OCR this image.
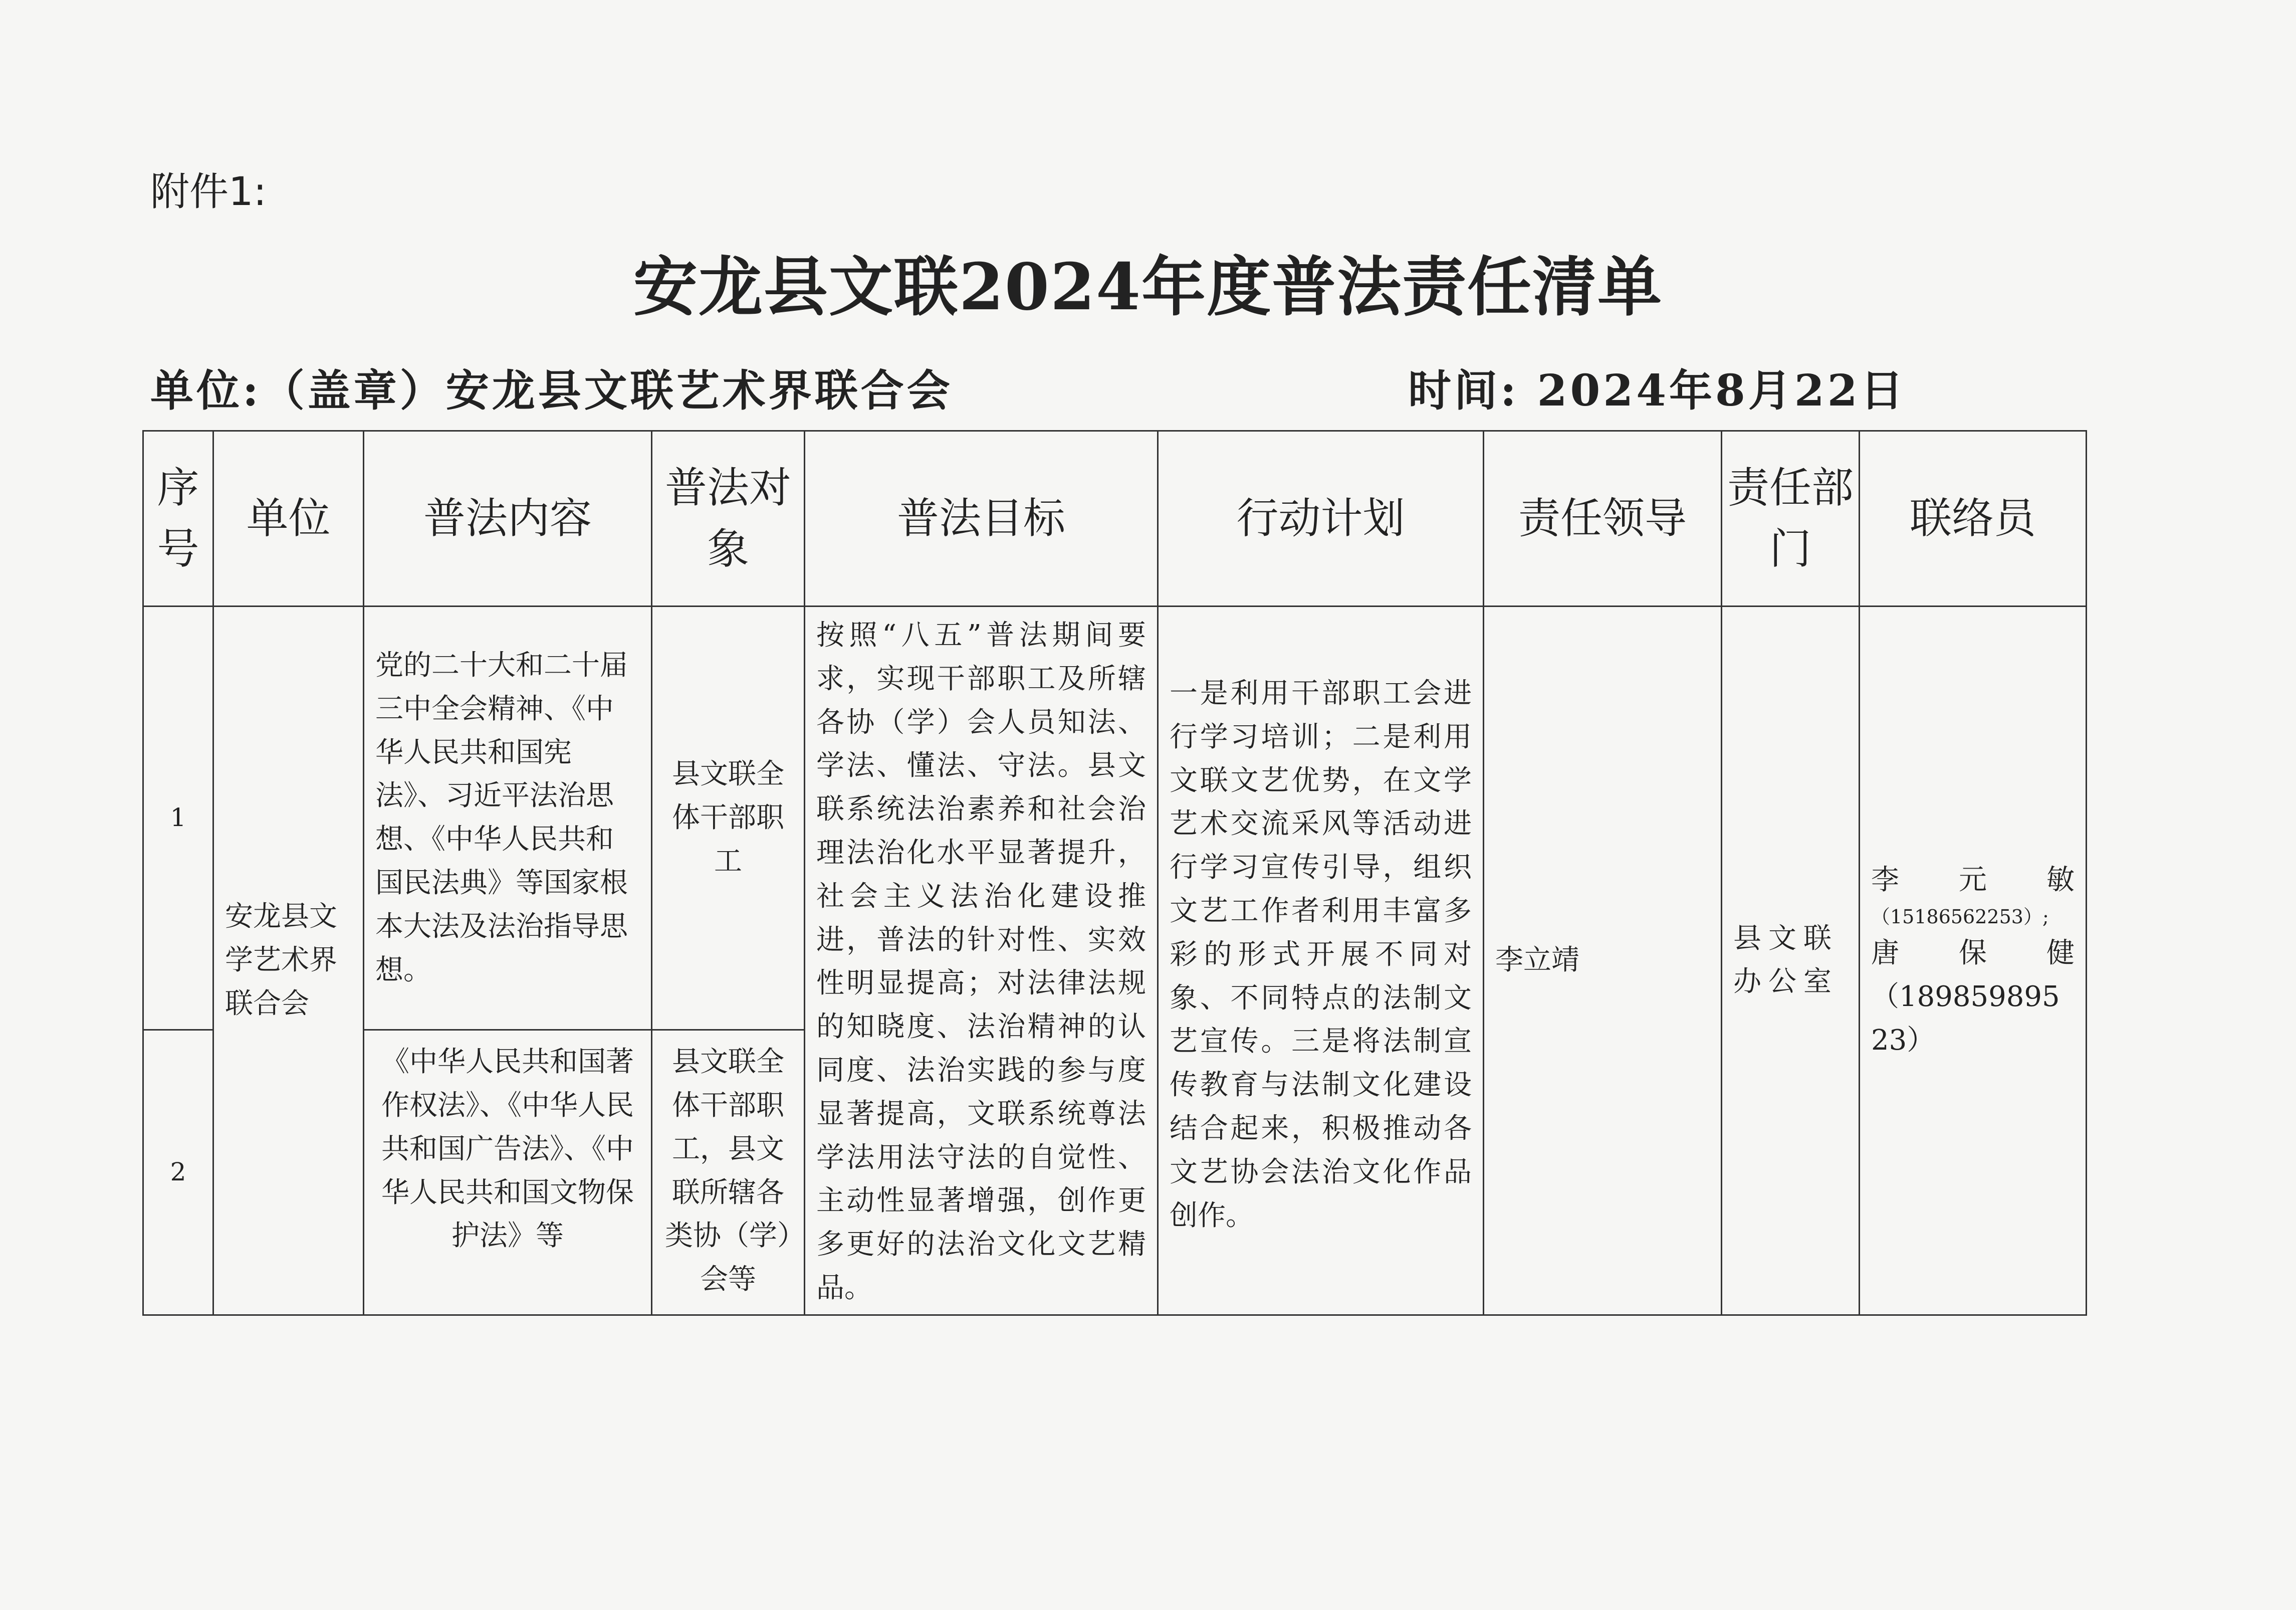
附件1:
安龙县文联2024年度普法责任清单
单位:（盖章）安龙县文联艺术界联合会	时间: 2024年8月22日
序号	单位	普法内容	普法对象	普法目标	行动计划	责任领导	责任部门	联络员
1	安龙县文学艺术界联合会	党的二十大和二十届三中全会精神、《中华人民共和国宪法》、习近平法治思想、《中华人民共和国民法典》等国家根本大法及法治指导思想。	县文联全体干部职工	按照“八五”普法期间要求，实现干部职工及所辖各协（学）会人员知法、学法、懂法、守法。县文联系统法治素养和社会治理法治化水平显著提升，社会主义法治化建设推进，普法的针对性、实效性明显提高；对法律法规的知晓度、法治精神的认同度、法治实践的参与度显著提高，文联系统尊法学法用法守法的自觉性、主动性显著增强，创作更多更好的法治文化文艺精品。	一是利用干部职工会进行学习培训；二是利用文联文艺优势，在文学艺术交流采风等活动进行学习宣传引导，组织文艺工作者利用丰富多彩的形式开展不同对象、不同特点的法制文艺宣传。三是将法制宣传教育与法制文化建设结合起来，积极推动各文艺协会法治文化作品创作。	李立靖	县文联办公室	李元敏
（15186562253）;
唐保健
（18985989523）

2		《中华人民共和国著作权法》、《中华人民共和国广告法》、《中华人民共和国文物保护法》等	县文联全体干部职工，县文联所辖各类协（学）会等					
